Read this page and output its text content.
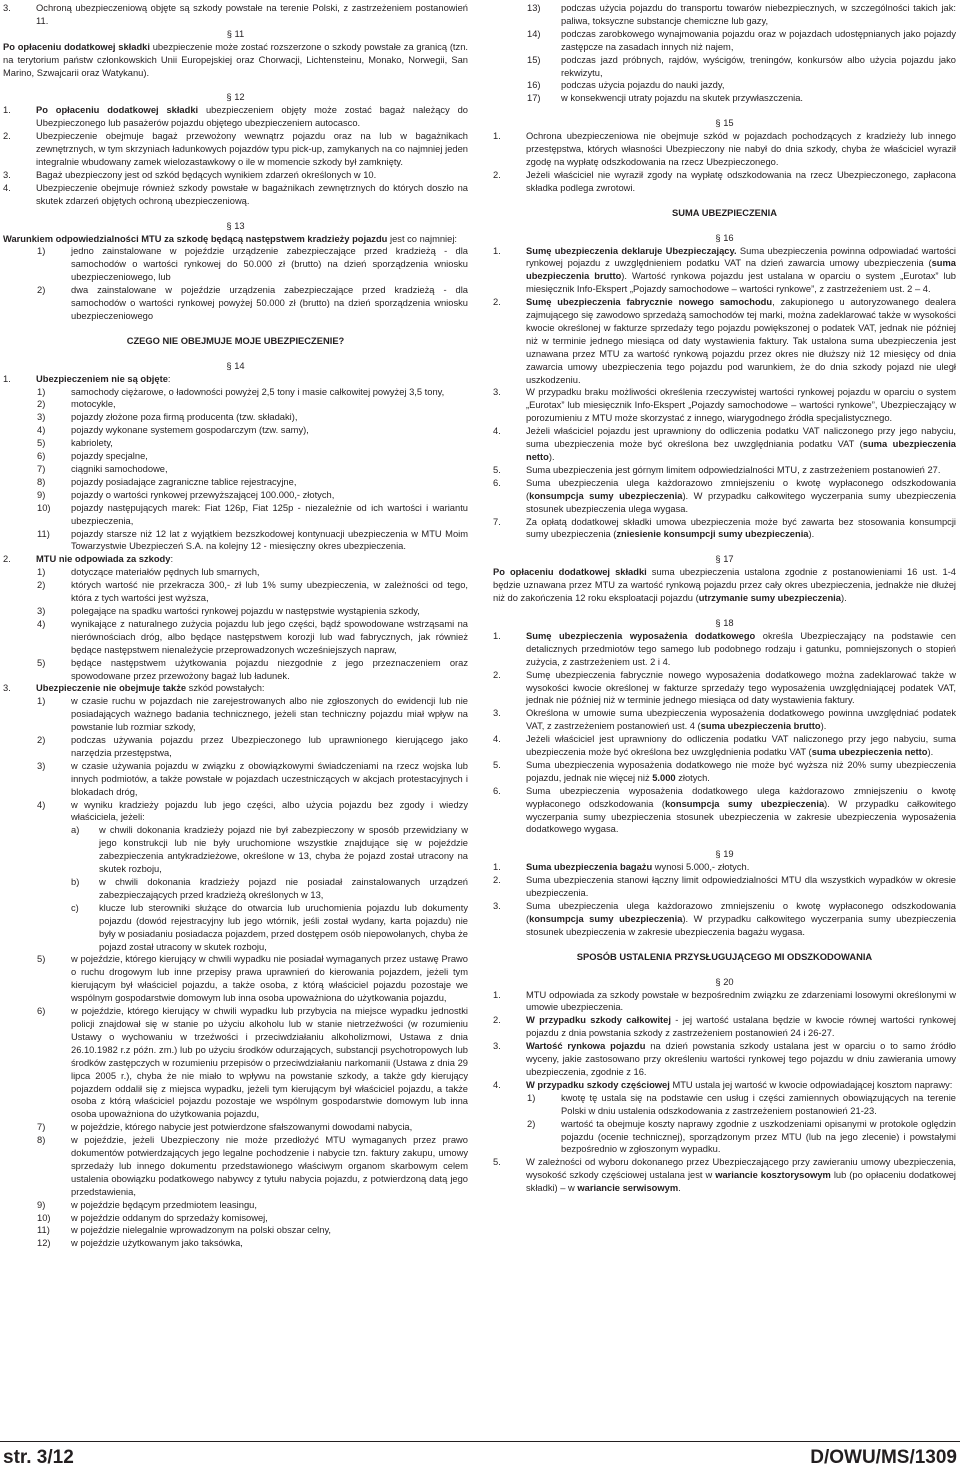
3.	Ochroną ubezpieczeniową objęte są szkody powstałe na terenie Polski, z zastrzeżeniem postanowień 11.

§ 11

Po opłaceniu dodatkowej składki ubezpieczenie może zostać rozszerzone o szkody powstałe za granicą (tzn. na terytorium państw członkowskich Unii Europejskiej oraz Chorwacji, Lichtensteinu, Monako, Norwegii, San Marino, Szwajcarii oraz Watykanu).

§ 12

1.	Po opłaceniu dodatkowej składki ubezpieczeniem objęty może zostać bagaż należący do Ubezpieczonego lub pasażerów pojazdu objętego ubezpieczeniem autocasco.
2.	Ubezpieczenie obejmuje bagaż przewożony wewnątrz pojazdu oraz na lub w bagażnikach zewnętrznych, w tym skrzyniach ładunkowych pojazdów typu pick-up, zamykanych na co najmniej jeden integralnie wbudowany zamek wielozastawkowy o ile w momencie szkody był zamknięty.
3.	Bagaż ubezpieczony jest od szkód będących wynikiem zdarzeń określonych w 10.
4.	Ubezpieczenie obejmuje również szkody powstałe w bagażnikach zewnętrznych do których doszło na skutek zdarzeń objętych ochroną ubezpieczeniową.

§ 13

Warunkiem odpowiedzialności MTU za szkodę będącą następstwem kradzieży pojazdu jest co najmniej:

1)	jedno zainstalowane w pojeździe urządzenie zabezpieczające przed kradzieżą - dla samochodów o wartości rynkowej do 50.000 zł (brutto) na dzień sporządzenia wniosku ubezpieczeniowego, lub
2)	dwa zainstalowane w pojeździe urządzenia zabezpieczające przed kradzieżą - dla samochodów o wartości rynkowej powyżej 50.000 zł (brutto) na dzień sporządzenia wniosku ubezpieczeniowego

CZEGO NIE OBEJMUJE MOJE UBEZPIECZENIE?

§ 14

1.	Ubezpieczeniem nie są objęte:
1)	samochody ciężarowe, o ładowności powyżej 2,5 tony i masie całkowitej powyżej 3,5 tony,
2)	motocykle,
3)	pojazdy złożone poza firmą producenta (tzw. składaki),
4)	pojazdy wykonane systemem gospodarczym (tzw. samy),
5)	kabriolety,
6)	pojazdy specjalne,
7)	ciągniki samochodowe,
8)	pojazdy posiadające zagraniczne tablice rejestracyjne,
9)	pojazdy o wartości rynkowej przewyższającej 100.000,- złotych,
10)	pojazdy następujących marek: Fiat 126p, Fiat 125p - niezależnie od ich wartości i wariantu ubezpieczenia,
11)	pojazdy starsze niż 12 lat z wyjątkiem bezszkodowej kontynuacji ubezpieczenia w MTU Moim Towarzystwie Ubezpieczeń S.A. na kolejny 12 - miesięczny okres ubezpieczenia.
2.	MTU nie odpowiada za szkody:
1)	dotyczące materiałów pędnych lub smarnych,
2)	których wartość nie przekracza 300,- zł lub 1% sumy ubezpieczenia, w zależności od tego, która z tych wartości jest wyższa,
3)	polegające na spadku wartości rynkowej pojazdu w następstwie wystąpienia szkody,
4)	wynikające z naturalnego zużycia pojazdu lub jego części, bądź spowodowane wstrząsami na nierównościach dróg, albo będące następstwem korozji lub wad fabrycznych, jak również będące następstwem nienależycie przeprowadzonych wcześniejszych napraw,
5)	będące następstwem użytkowania pojazdu niezgodnie z jego przeznaczeniem oraz spowodowane przez przewożony bagaż lub ładunek.
3.	Ubezpieczenie nie obejmuje także szkód powstałych:
1)	w czasie ruchu w pojazdach nie zarejestrowanych albo nie zgłoszonych do ewidencji lub nie posiadających ważnego badania technicznego, jeżeli stan techniczny pojazdu miał wpływ na powstanie lub rozmiar szkody,
2)	podczas używania pojazdu przez Ubezpieczonego lub uprawnionego kierującego jako narzędzia przestępstwa,
3)	w czasie używania pojazdu w związku z obowiązkowymi świadczeniami na rzecz wojska lub innych podmiotów, a także powstałe w pojazdach uczestniczących w akcjach protestacyjnych i blokadach dróg,
4)	w wyniku kradzieży pojazdu lub jego części, albo użycia pojazdu bez zgody i wiedzy właściciela, jeżeli:
a)	w chwili dokonania kradzieży pojazd nie był zabezpieczony w sposób przewidziany w jego konstrukcji lub nie były uruchomione wszystkie znajdujące się w pojeździe zabezpieczenia antykradzieżowe, określone w 13, chyba że pojazd został utracony na skutek rozboju,
b)	w chwili dokonania kradzieży pojazd nie posiadał zainstalowanych urządzeń zabezpieczających przed kradzieżą określonych w 13,
c)	klucze lub sterowniki służące do otwarcia lub uruchomienia pojazdu lub dokumenty pojazdu (dowód rejestracyjny lub jego wtórnik, jeśli został wydany, karta pojazdu) nie były w posiadaniu posiadacza pojazdem, przed dostępem osób niepowołanych, chyba że pojazd został utracony w skutek rozboju,
5)	w pojeździe, którego kierujący w chwili wypadku nie posiadał wymaganych przez ustawę Prawo o ruchu drogowym lub inne przepisy prawa uprawnień do kierowania pojazdem, jeżeli tym kierującym był właściciel pojazdu, a także osoba, z którą właściciel pojazdu pozostaje we wspólnym gospodarstwie domowym lub inna osoba upoważniona do użytkowania pojazdu,
6)	w pojeździe, którego kierujący w chwili wypadku lub przybycia na miejsce wypadku jednostki policji znajdował się w stanie po użyciu alkoholu lub w stanie nietrzeźwości (w rozumieniu Ustawy o wychowaniu w trzeźwości i przeciwdziałaniu alkoholizmowi, Ustawa z dnia 26.10.1982 r.z późn. zm.) lub po użyciu środków odurzających, substancji psychotropowych lub środków zastępczych w rozumieniu przepisów o przeciwdziałaniu narkomanii (Ustawa z dnia 29 lipca 2005 r.), chyba że nie miało to wpływu na powstanie szkody, a także gdy kierujący pojazdem oddalił się z miejsca wypadku, jeżeli tym kierującym był właściciel pojazdu, a także osoba z którą właściciel pojazdu pozostaje we wspólnym gospodarstwie domowym lub inna osoba upoważniona do użytkowania pojazdu,
7)	w pojeździe, którego nabycie jest potwierdzone sfałszowanymi dowodami nabycia,
8)	w pojeździe, jeżeli Ubezpieczony nie może przedłożyć MTU wymaganych przez prawo dokumentów potwierdzających jego legalne pochodzenie i nabycie tzn. faktury zakupu, umowy sprzedaży lub innego dokumentu przedstawionego właściwym organom skarbowym celem ustalenia obowiązku podatkowego nabywcy z tytułu nabycia pojazdu, z potwierdzoną datą jego przedstawienia,
9)	w pojeździe będącym przedmiotem leasingu,
10)	w pojeździe oddanym do sprzedaży komisowej,
11)	w pojeździe nielegalnie wprowadzonym na polski obszar celny,
12)	w pojeździe użytkowanym jako taksówka,
13)	podczas użycia pojazdu do transportu towarów niebezpiecznych, w szczególności takich jak: paliwa, toksyczne substancje chemiczne lub gazy,
14)	podczas zarobkowego wynajmowania pojazdu oraz w pojazdach udostępnianych jako pojazdy zastępcze na zasadach innych niż najem,
15)	podczas jazd próbnych, rajdów, wyścigów, treningów, konkursów albo użycia pojazdu jako rekwizytu,
16)	podczas użycia pojazdu do nauki jazdy,
17)	w konsekwencji utraty pojazdu na skutek przywłaszczenia.

§ 15

1.	Ochrona ubezpieczeniowa nie obejmuje szkód w pojazdach pochodzących z kradzieży lub innego przestępstwa, których własności Ubezpieczony nie nabył do dnia szkody, chyba że właściciel wyraził zgodę na wypłatę odszkodowania na rzecz Ubezpieczonego.
2.	Jeżeli właściciel nie wyraził zgody na wypłatę odszkodowania na rzecz Ubezpieczonego, zapłacona składka podlega zwrotowi.

SUMA UBEZPIECZENIA

§ 16

1.	Sumę ubezpieczenia deklaruje Ubezpieczający. Suma ubezpieczenia powinna odpowiadać wartości rynkowej pojazdu z uwzględnieniem podatku VAT na dzień zawarcia umowy ubezpieczenia (suma ubezpieczenia brutto). Wartość rynkowa pojazdu jest ustalana w oparciu o system „Eurotax” lub miesięcznik Info-Ekspert „Pojazdy samochodowe – wartości rynkowe”, z zastrzeżeniem ust. 2 – 4.
2.	Sumę ubezpieczenia fabrycznie nowego samochodu, zakupionego u autoryzowanego dealera zajmującego się zawodowo sprzedażą samochodów tej marki, można zadeklarować także w wysokości kwocie określonej w fakturze sprzedaży tego pojazdu powiększonej o podatek VAT, jednak nie później niż w terminie jednego miesiąca od daty wystawienia faktury. Tak ustalona suma ubezpieczenia jest uznawana przez MTU za wartość rynkową pojazdu przez okres nie dłuższy niż 12 miesięcy od dnia zawarcia umowy ubezpieczenia tego pojazdu pod warunkiem, że do dnia szkody pojazd nie uległ uszkodzeniu.
3.	W przypadku braku możliwości określenia rzeczywistej wartości rynkowej pojazdu w oparciu o system „Eurotax” lub miesięcznik Info-Ekspert „Pojazdy samochodowe – wartości rynkowe”, Ubezpieczający w porozumieniu z MTU może skorzystać z innego, wiarygodnego źródła specjalistycznego.
4.	Jeżeli właściciel pojazdu jest uprawniony do odliczenia podatku VAT naliczonego przy jego nabyciu, suma ubezpieczenia może być określona bez uwzględniania podatku VAT (suma ubezpieczenia netto).
5.	Suma ubezpieczenia jest górnym limitem odpowiedzialności MTU, z zastrzeżeniem postanowień 27.
6.	Suma ubezpieczenia ulega każdorazowo zmniejszeniu o kwotę wypłaconego odszkodowania (konsumpcja sumy ubezpieczenia). W przypadku całkowitego wyczerpania sumy ubezpieczenia stosunek ubezpieczenia ulega wygasa.
7.	Za opłatą dodatkowej składki umowa ubezpieczenia może być zawarta bez stosowania konsumpcji sumy ubezpieczenia (zniesienie konsumpcji sumy ubezpieczenia).

§ 17

Po opłaceniu dodatkowej składki suma ubezpieczenia ustalona zgodnie z postanowieniami 16 ust. 1-4 będzie uznawana przez MTU za wartość rynkową pojazdu przez cały okres ubezpieczenia, jednakże nie dłużej niż do zakończenia 12 roku eksploatacji pojazdu (utrzymanie sumy ubezpieczenia).

§ 18

1.	Sumę ubezpieczenia wyposażenia dodatkowego określa Ubezpieczający na podstawie cen detalicznych przedmiotów tego samego lub podobnego rodzaju i gatunku, pomniejszonych o stopień zużycia, z zastrzeżeniem ust. 2 i 4.
2.	Sumę ubezpieczenia fabrycznie nowego wyposażenia dodatkowego można zadeklarować także w wysokości kwocie określonej w fakturze sprzedaży tego wyposażenia uwzględniającej podatek VAT, jednak nie później niż w terminie jednego miesiąca od daty wystawienia faktury.
3.	Określona w umowie suma ubezpieczenia wyposażenia dodatkowego powinna uwzględniać podatek VAT, z zastrzeżeniem postanowień ust. 4 (suma ubezpieczenia brutto).
4.	Jeżeli właściciel jest uprawniony do odliczenia podatku VAT naliczonego przy jego nabyciu, suma ubezpieczenia może być określona bez uwzględnienia podatku VAT (suma ubezpieczenia netto).
5.	Suma ubezpieczenia wyposażenia dodatkowego nie może być wyższa niż 20% sumy ubezpieczenia pojazdu, jednak nie więcej niż 5.000 złotych.
6.	Suma ubezpieczenia wyposażenia dodatkowego ulega każdorazowo zmniejszeniu o kwotę wypłaconego odszkodowania (konsumpcja sumy ubezpieczenia). W przypadku całkowitego wyczerpania sumy ubezpieczenia stosunek ubezpieczenia w zakresie ubezpieczenia wyposażenia dodatkowego wygasa.

§ 19

1.	Suma ubezpieczenia bagażu wynosi 5.000,- złotych.
2.	Suma ubezpieczenia stanowi łączny limit odpowiedzialności MTU dla wszystkich wypadków w okresie ubezpieczenia.
3.	Suma ubezpieczenia ulega każdorazowo zmniejszeniu o kwotę wypłaconego odszkodowania (konsumpcja sumy ubezpieczenia). W przypadku całkowitego wyczerpania sumy ubezpieczenia stosunek ubezpieczenia w zakresie ubezpieczenia bagażu wygasa.

SPOSÓB USTALENIA PRZYSŁUGUJĄCEGO MI ODSZKODOWANIA

§ 20

1.	MTU odpowiada za szkody powstałe w bezpośrednim związku ze zdarzeniami losowymi określonymi w umowie ubezpieczenia.
2.	W przypadku szkody całkowitej - jej wartość ustalana będzie w kwocie równej wartości rynkowej pojazdu z dnia powstania szkody z zastrzeżeniem postanowień 24 i 26-27.
3.	Wartość rynkowa pojazdu na dzień powstania szkody ustalana jest w oparciu o to samo źródło wyceny, jakie zastosowano przy określeniu wartości rynkowej tego pojazdu w dniu zawierania umowy ubezpieczenia, zgodnie z 16.
4.	W przypadku szkody częściowej MTU ustala jej wartość w kwocie odpowiadającej kosztom naprawy:
1)	kwotę tę ustala się na podstawie cen usług i części zamiennych obowiązujących na terenie Polski w dniu ustalenia odszkodowania z zastrzeżeniem postanowień 21-23.
2)	wartość ta obejmuje koszty naprawy zgodnie z uszkodzeniami opisanymi w protokole oględzin pojazdu (ocenie technicznej), sporządzonym przez MTU (lub na jego zlecenie) i powstałymi bezpośrednio w zgłoszonym wypadku.
5.	W zależności od wyboru dokonanego przez Ubezpieczającego przy zawieraniu umowy ubezpieczenia, wysokość szkody częściowej ustalana jest w wariancie kosztorysowym lub (po opłaceniu dodatkowej składki) – w wariancie serwisowym.
str. 3/12	D/OWU/MS/1309
